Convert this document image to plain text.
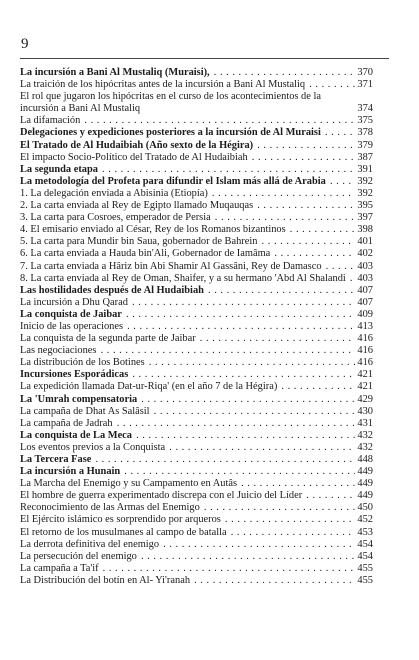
9
La incursión a Bani Al Mustaliq (Muraisi), . . .	370
La traición de los hipócritas antes de la incursión a Bani Al Mustaliq . . .	371
El rol que jugaron los hipócritas en el curso de los acontecimientos de la incursión a Bani Al Mustaliq	374
La difamación . . .	375
Delegaciones y expediciones posteriores a la incursión de Al Muraisi . . .	378
El Tratado de Al Hudaibiah (Año sexto de la Hégira) . . .	379
El impacto Socio-Político del Tratado de Al Hudaibiah . . .	387
La segunda etapa . . .	391
La metodología del Profeta para difundir el Islam más allá de Arabia . . .	392
1. La delegación enviada a Abisinia (Etiopía) . . .	392
2. La carta enviada al Rey de Egipto llamado Muqauqas . . .	395
3. La carta para Cosroes, emperador de Persia . . .	397
4. El emisario enviado al César, Rey de los Romanos bizantinos . . .	398
5. La carta para Mundir bin Saua, gobernador de Bahrein . . .	401
6. La carta enviada a Hauda bin'Ali, Gobernador de Iamâma . . .	402
7. La carta enviada a Hâriz bin Abi Shamir Al Gassâni, Rey de Damasco . . .	403
8. La carta enviada al Rey de Oman, Shaifer, y a su hermano 'Abd Al Shalandi . . .	403
Las hostilidades después de Al Hudaibiah . . .	407
La incursión a Dhu Qarad . . .	407
La conquista de Jaibar . . .	409
Inicio de las operaciones . . .	413
La conquista de la segunda parte de Jaibar . . .	416
Las negociaciones . . .	416
La distribución de los Botines . . .	416
Incursiones Esporádicas . . .	421
La expedición llamada Dat-ur-Riqa' (en el año 7 de la Hégira) . . .	421
La 'Umrah compensatoria . . .	429
La campaña de Dhat As Salâsil . . .	430
La campaña de Jadrah . . .	431
La conquista de La Meca . . .	432
Los eventos previos a la Conquista . . .	432
La Tercera Fase . . .	448
La incursión a Hunain . . .	449
La Marcha del Enemigo y su Campamento en Autâs . . .	449
El hombre de guerra experimentado discrepa con el Juicio del Líder . . .	449
Reconocimiento de las Armas del Enemigo . . .	450
El Ejército islámico es sorprendido por arqueros . . .	452
El retorno de los musulmanes al campo de batalla . . .	453
La derrota definitiva del enemigo . . .	454
La persecución del enemigo . . .	454
La campaña a Ta'if . . .	455
La Distribución del botín en Al- Yi'ranah . . .	455
